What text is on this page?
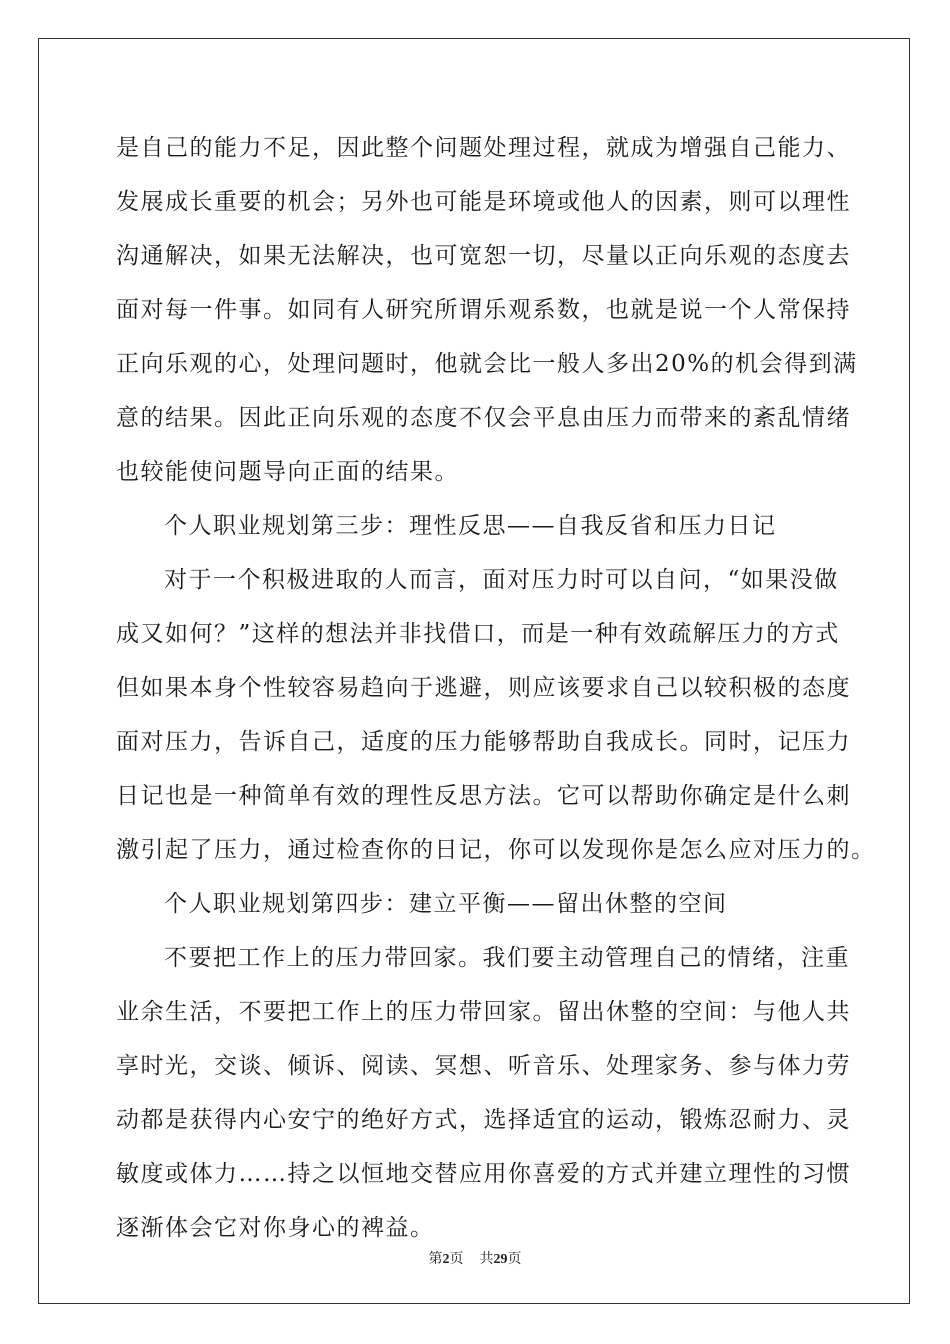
是自己的能力不足，因此整个问题处理过程，就成为增强自己能力、
发展成长重要的机会；另外也可能是环境或他人的因素，则可以理性
沟通解决，如果无法解决，也可宽恕一切，尽量以正向乐观的态度去
面对每一件事。如同有人研究所谓乐观系数，也就是说一个人常保持
正向乐观的心，处理问题时，他就会比一般人多出20%的机会得到满
意的结果。因此正向乐观的态度不仅会平息由压力而带来的紊乱情绪
也较能使问题导向正面的结果。
个人职业规划第三步：理性反思——自我反省和压力日记
对于一个积极进取的人而言，面对压力时可以自问，“如果没做
成又如何？”这样的想法并非找借口，而是一种有效疏解压力的方式
但如果本身个性较容易趋向于逃避，则应该要求自己以较积极的态度
面对压力，告诉自己，适度的压力能够帮助自我成长。同时，记压力
日记也是一种简单有效的理性反思方法。它可以帮助你确定是什么刺
激引起了压力，通过检查你的日记，你可以发现你是怎么应对压力的。
个人职业规划第四步：建立平衡——留出休整的空间
不要把工作上的压力带回家。我们要主动管理自己的情绪，注重
业余生活，不要把工作上的压力带回家。留出休整的空间：与他人共
享时光，交谈、倾诉、阅读、冥想、听音乐、处理家务、参与体力劳
动都是获得内心安宁的绝好方式，选择适宜的运动，锻炼忍耐力、灵
敏度或体力……持之以恒地交替应用你喜爱的方式并建立理性的习惯
逐渐体会它对你身心的裨益。
第2页 共29页
